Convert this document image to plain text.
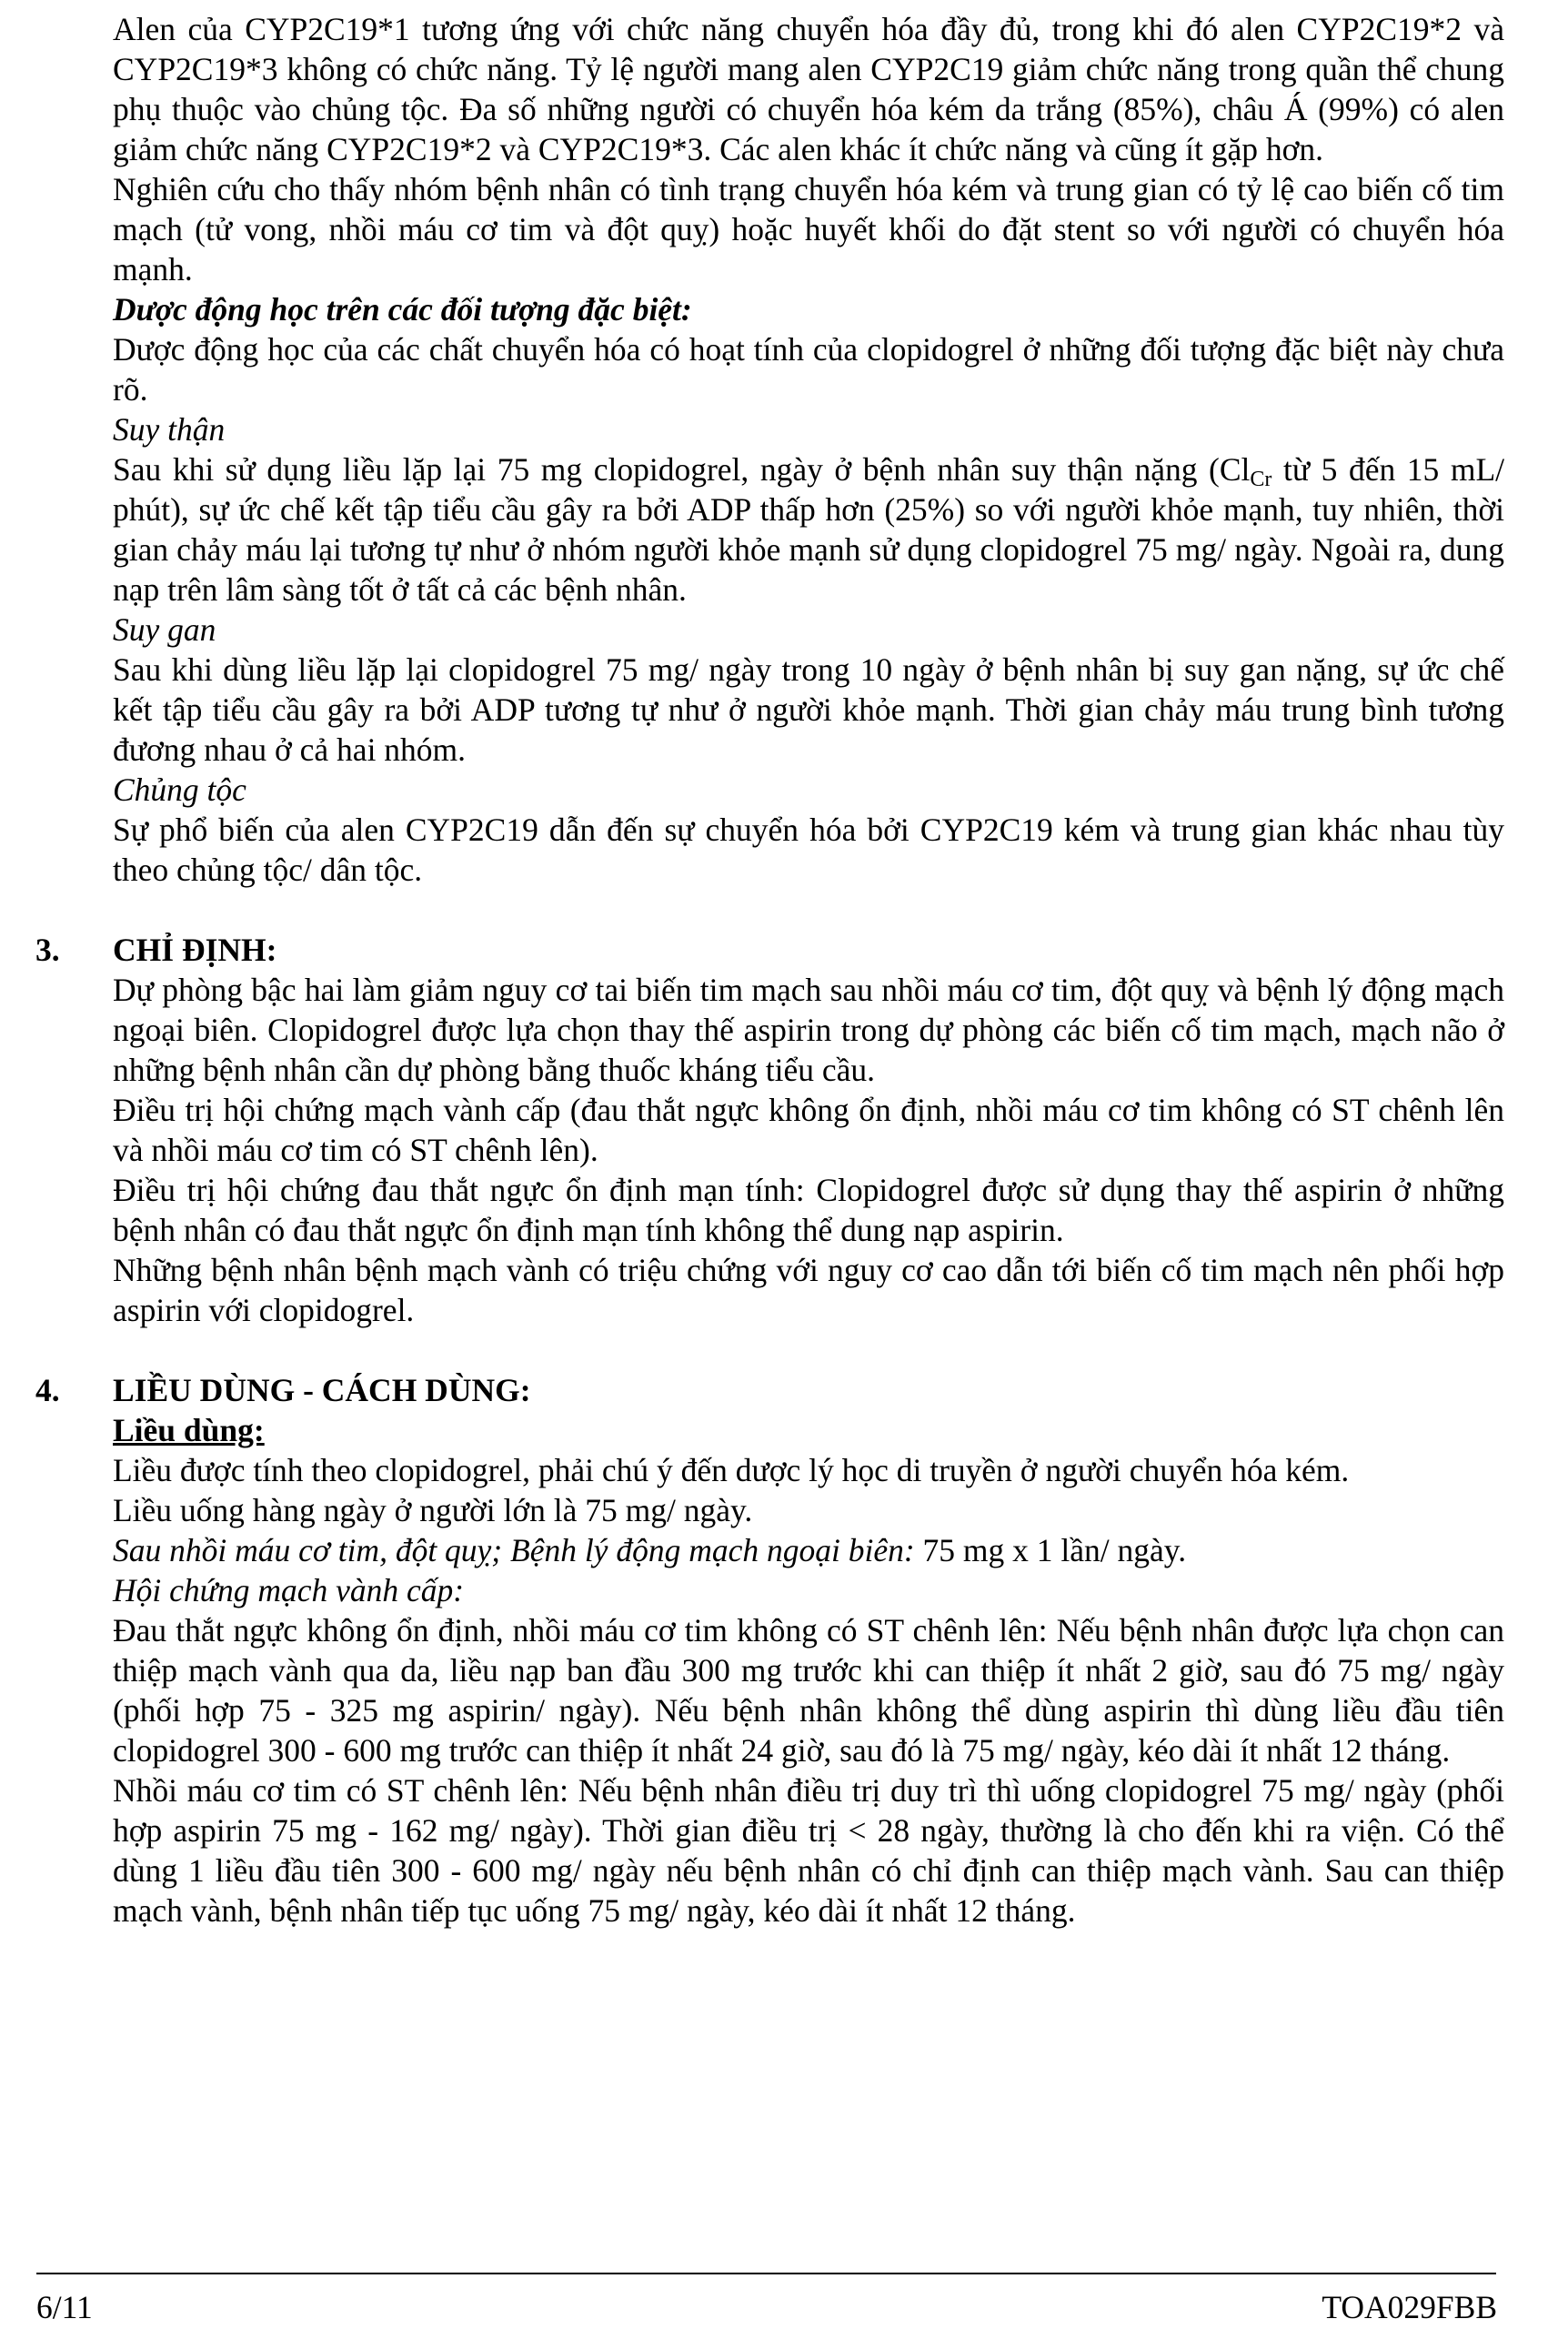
Alen của CYP2C19*1 tương ứng với chức năng chuyển hóa đầy đủ, trong khi đó alen CYP2C19*2 và CYP2C19*3 không có chức năng. Tỷ lệ người mang alen CYP2C19 giảm chức năng trong quần thể chung phụ thuộc vào chủng tộc. Đa số những người có chuyển hóa kém da trắng (85%), châu Á (99%) có alen giảm chức năng CYP2C19*2 và CYP2C19*3. Các alen khác ít chức năng và cũng ít gặp hơn.

Nghiên cứu cho thấy nhóm bệnh nhân có tình trạng chuyển hóa kém và trung gian có tỷ lệ cao biến cố tim mạch (tử vong, nhồi máu cơ tim và đột quỵ) hoặc huyết khối do đặt stent so với người có chuyển hóa mạnh.

Dược động học trên các đối tượng đặc biệt:

Dược động học của các chất chuyển hóa có hoạt tính của clopidogrel ở những đối tượng đặc biệt này chưa rõ.

Suy thận

Sau khi sử dụng liều lặp lại 75 mg clopidogrel, ngày ở bệnh nhân suy thận nặng ($Cl_{Cr}$ từ 5 đến 15 mL/ phút), sự ức chế kết tập tiểu cầu gây ra bởi ADP thấp hơn (25%) so với người khỏe mạnh, tuy nhiên, thời gian chảy máu lại tương tự như ở nhóm người khỏe mạnh sử dụng clopidogrel 75 mg/ ngày. Ngoài ra, dung nạp trên lâm sàng tốt ở tất cả các bệnh nhân.

Suy gan

Sau khi dùng liều lặp lại clopidogrel 75 mg/ ngày trong 10 ngày ở bệnh nhân bị suy gan nặng, sự ức chế kết tập tiểu cầu gây ra bởi ADP tương tự như ở người khỏe mạnh. Thời gian chảy máu trung bình tương đương nhau ở cả hai nhóm.

Chủng tộc

Sự phổ biến của alen CYP2C19 dẫn đến sự chuyển hóa bởi CYP2C19 kém và trung gian khác nhau tùy theo chủng tộc/ dân tộc.

3. CHỈ ĐỊNH:

Dự phòng bậc hai làm giảm nguy cơ tai biến tim mạch sau nhồi máu cơ tim, đột quỵ và bệnh lý động mạch ngoại biên. Clopidogrel được lựa chọn thay thế aspirin trong dự phòng các biến cố tim mạch, mạch não ở những bệnh nhân cần dự phòng bằng thuốc kháng tiểu cầu.

Điều trị hội chứng mạch vành cấp (đau thắt ngực không ổn định, nhồi máu cơ tim không có ST chênh lên và nhồi máu cơ tim có ST chênh lên).

Điều trị hội chứng đau thắt ngực ổn định mạn tính: Clopidogrel được sử dụng thay thế aspirin ở những bệnh nhân có đau thắt ngực ổn định mạn tính không thể dung nạp aspirin.

Những bệnh nhân bệnh mạch vành có triệu chứng với nguy cơ cao dẫn tới biến cố tim mạch nên phối hợp aspirin với clopidogrel.

4. LIỀU DÙNG - CÁCH DÙNG:

Liều dùng:

Liều được tính theo clopidogrel, phải chú ý đến dược lý học di truyền ở người chuyển hóa kém.

Liều uống hàng ngày ở người lớn là 75 mg/ ngày.

Sau nhồi máu cơ tim, đột quỵ; Bệnh lý động mạch ngoại biên: 75 mg x 1 lần/ ngày.

Hội chứng mạch vành cấp:

Đau thắt ngực không ổn định, nhồi máu cơ tim không có ST chênh lên: Nếu bệnh nhân được lựa chọn can thiệp mạch vành qua da, liều nạp ban đầu 300 mg trước khi can thiệp ít nhất 2 giờ, sau đó 75 mg/ ngày (phối hợp 75 - 325 mg aspirin/ ngày). Nếu bệnh nhân không thể dùng aspirin thì dùng liều đầu tiên clopidogrel 300 - 600 mg trước can thiệp ít nhất 24 giờ, sau đó là 75 mg/ ngày, kéo dài ít nhất 12 tháng.

Nhồi máu cơ tim có ST chênh lên: Nếu bệnh nhân điều trị duy trì thì uống clopidogrel 75 mg/ ngày (phối hợp aspirin 75 mg - 162 mg/ ngày). Thời gian điều trị < 28 ngày, thường là cho đến khi ra viện. Có thể dùng 1 liều đầu tiên 300 - 600 mg/ ngày nếu bệnh nhân có chỉ định can thiệp mạch vành. Sau can thiệp mạch vành, bệnh nhân tiếp tục uống 75 mg/ ngày, kéo dài ít nhất 12 tháng.

6/11	TOA029FBB
